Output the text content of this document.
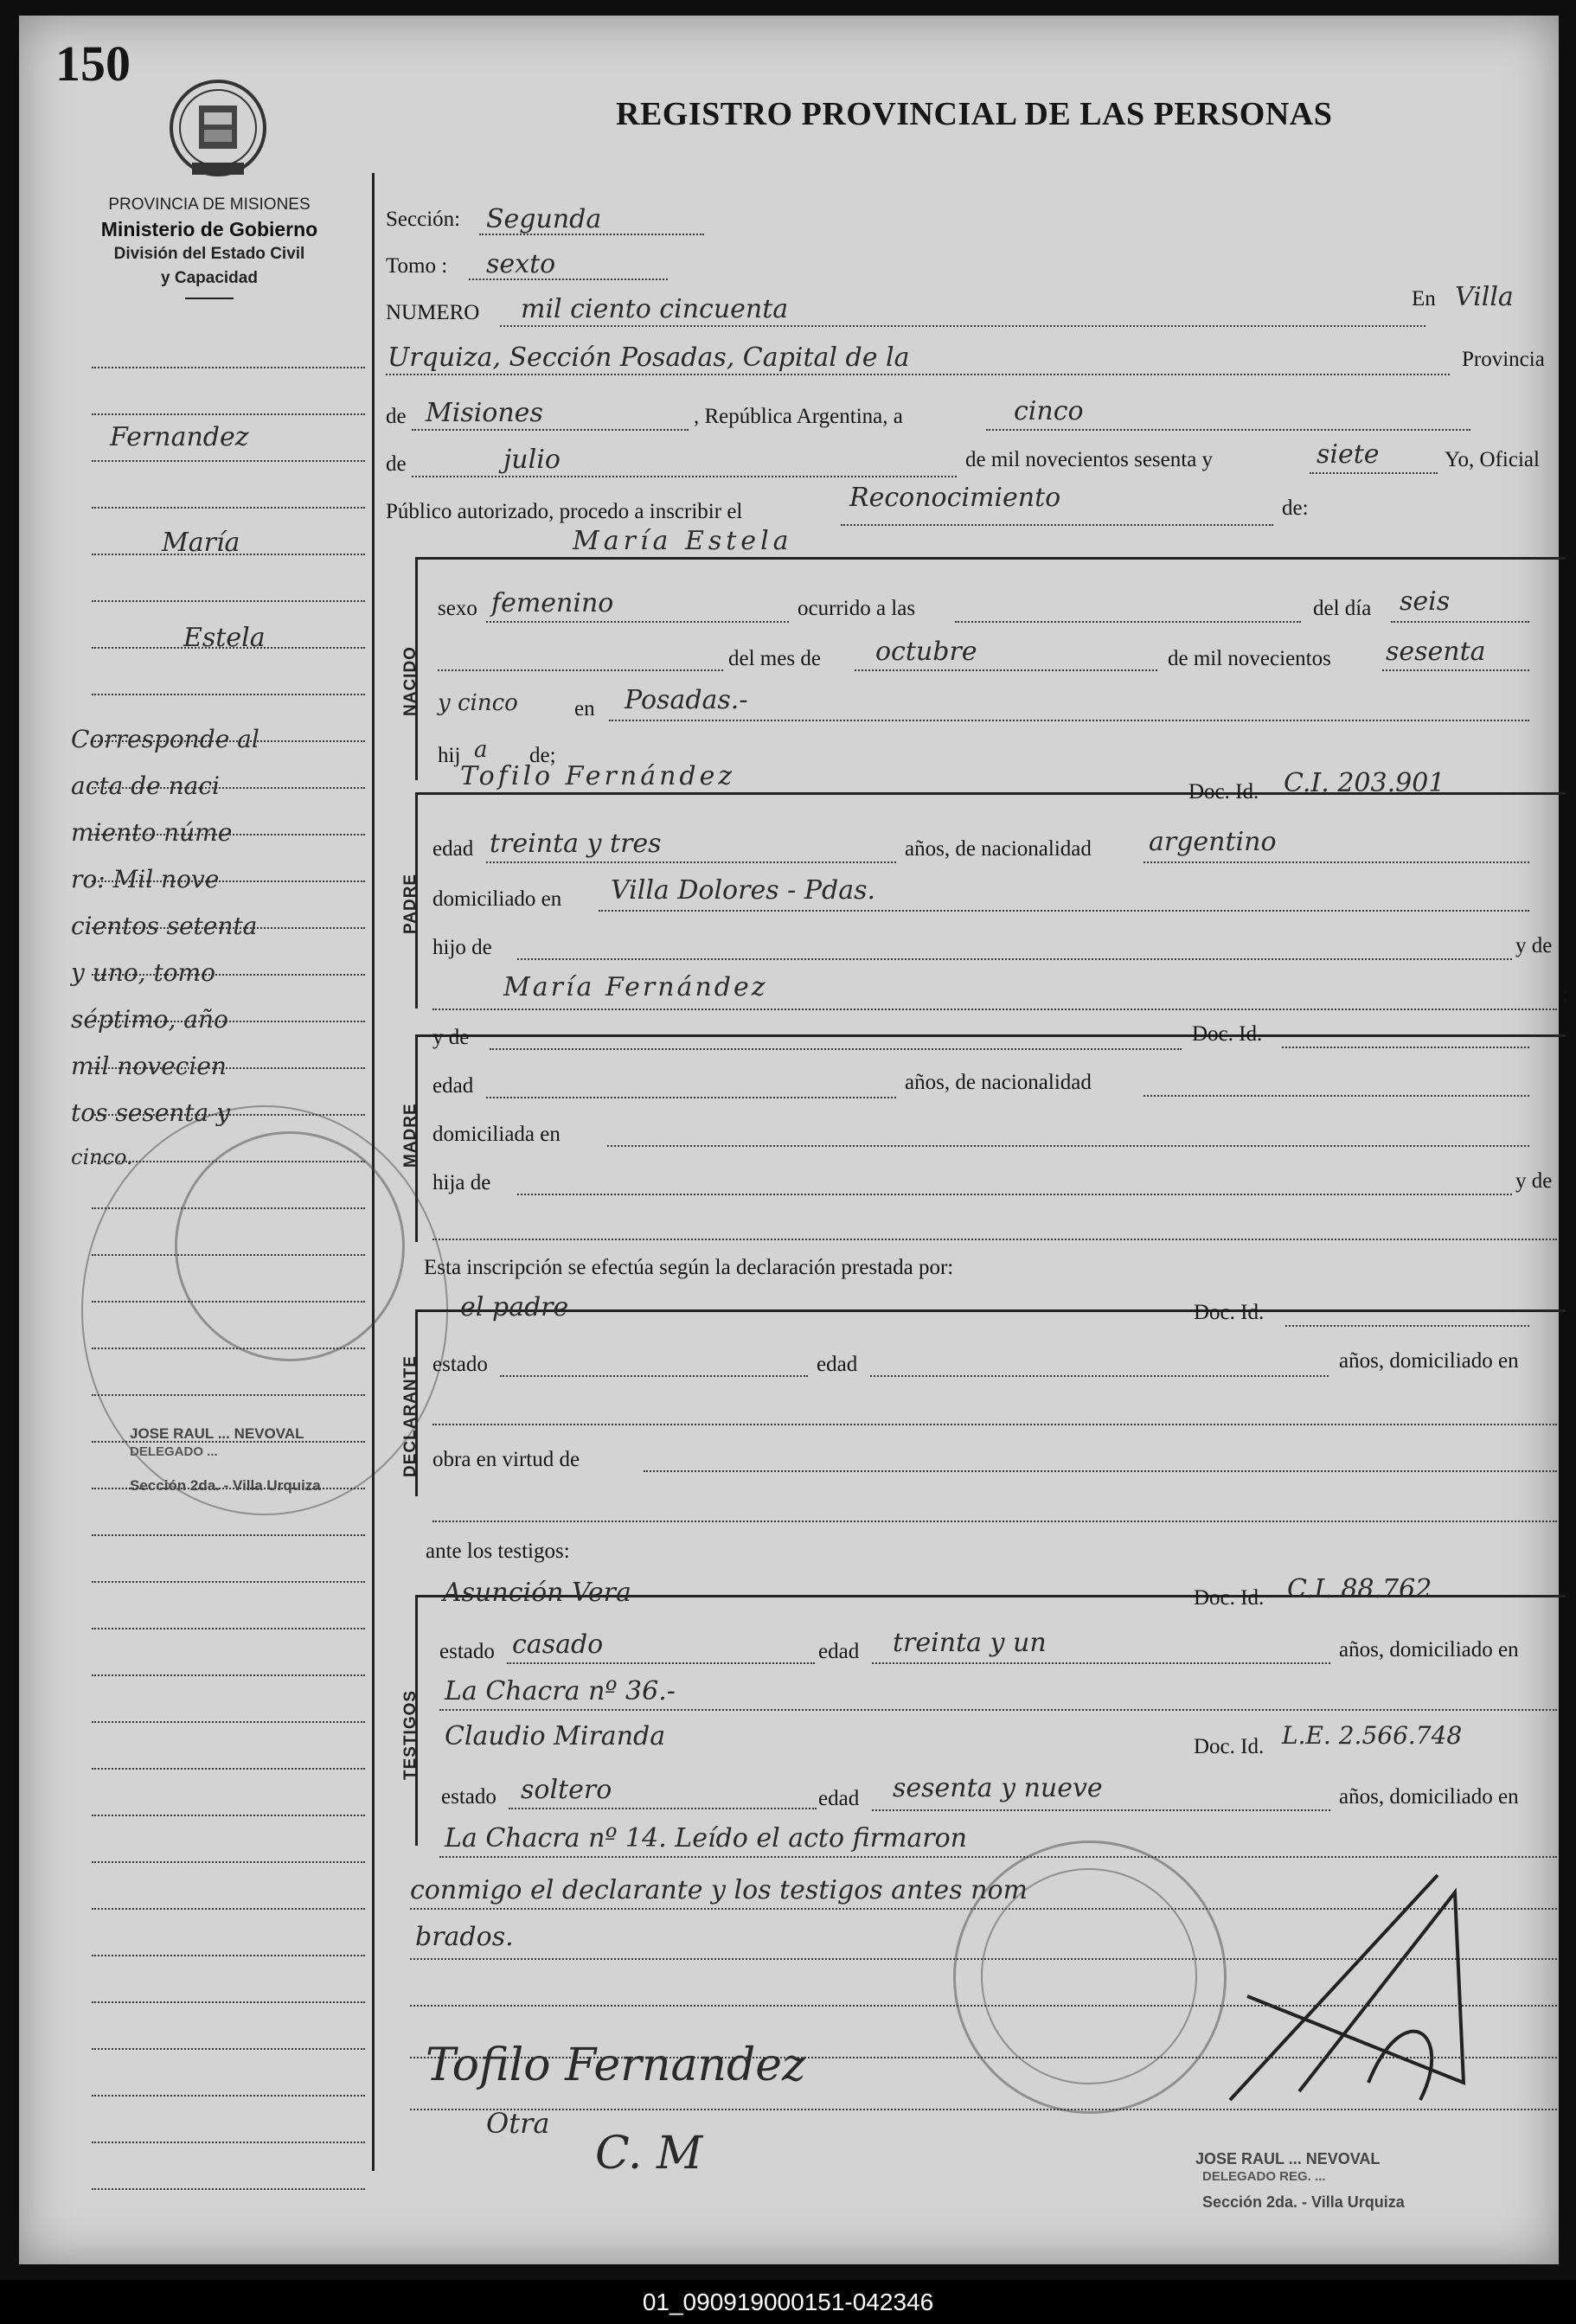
150
PROVINCIA DE MISIONES
Ministerio de Gobierno
División del Estado Civil
y Capacidad
REGISTRO PROVINCIAL DE LAS PERSONAS
Fernandez
María
Estela
Corresponde al
acta de naci
miento núme
ro: Mil nove
cientos setenta
y uno, tomo
séptimo, año
mil novecien
tos sesenta y
cinco.
JOSE RAUL ... NEVOVAL
DELEGADO ...
Sección 2da. - Villa Urquiza
Sección: Segunda
Tomo : sexto
NUMERO mil ciento cincuenta	En Villa
Urquiza, Sección Posadas, Capital de la	Provincia
de Misiones	, República Argentina, a	cinco
de	julio	de mil novecientos sesenta y	siete	Yo, Oficial
Público autorizado, procedo a inscribir el	Reconocimiento	de:
NACIDO
María Estela
sexo femenino	ocurrido a las	del día seis
del mes de octubre	de mil novecientos sesenta
y cinco	en Posadas.-
hij a de;
PADRE
Tofilo Fernández
Doc. Id. C.I. 203.901
edad treinta y tres	años, de nacionalidad argentino
domiciliado en Villa Dolores - Pdas.
hijo de	y de
María Fernández	;
MADRE
y de	Doc. Id.
edad	años, de nacionalidad
domiciliada en
hija de	y de
Esta inscripción se efectúa según la declaración prestada por:
DECLARANTE
el padre	Doc. Id.
estado	edad	años, domiciliado en
obra en virtud de
ante los testigos:
TESTIGOS
Asunción Vera	Doc. Id. C.I. 88.762
estado casado	edad treinta y un	años, domiciliado en
La Chacra nº 36.-
Claudio Miranda	Doc. Id. L.E. 2.566.748
estado soltero	edad sesenta y nueve	años, domiciliado en
La Chacra nº 14. Leído el acto firmaron
conmigo el declarante y los testigos antes nom
brados.
Tofilo Fernandez
Otra
C. M	JOSE RAUL ... NEVOVAL
DELEGADO REG. ...
Sección 2da. - Villa Urquiza
01_090919000151-042346
